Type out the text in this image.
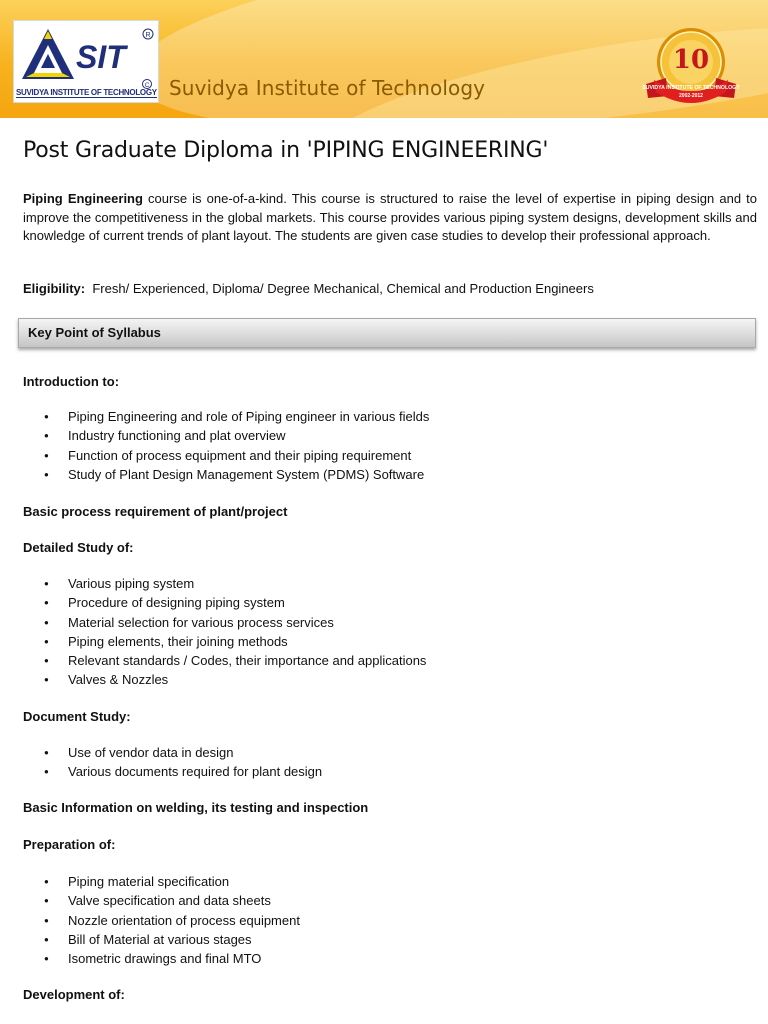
SIT
R
C
SUVIDYA INSTITUTE OF TECHNOLOGY Suvidya Institute of Technology
10
SUVIDYA INSTITUTE OF TECHNOLOGY
2002-2012
Post Graduate Diploma in 'PIPING ENGINEERING'

Piping Engineering course is one-of-a-kind. This course is structured to raise the level of expertise in piping design and to improve the competitiveness in the global markets. This course provides various piping system designs, development skills and knowledge of current trends of plant layout. The students are given case studies to develop their professional approach.

Eligibility: Fresh/ Experienced, Diploma/ Degree Mechanical, Chemical and Production Engineers

Key Point of Syllabus
Introduction to:
● Piping Engineering and role of Piping engineer in various fields
● Industry functioning and plat overview
● Function of process equipment and their piping requirement
● Study of Plant Design Management System (PDMS) Software
Basic process requirement of plant/project
Detailed Study of:
● Various piping system
● Procedure of designing piping system
● Material selection for various process services
● Piping elements, their joining methods
● Relevant standards / Codes, their importance and applications
● Valves & Nozzles
Document Study:
● Use of vendor data in design
● Various documents required for plant design
Basic Information on welding, its testing and inspection
Preparation of:
● Piping material specification
● Valve specification and data sheets
● Nozzle orientation of process equipment
● Bill of Material at various stages
● Isometric drawings and final MTO
Development of:
